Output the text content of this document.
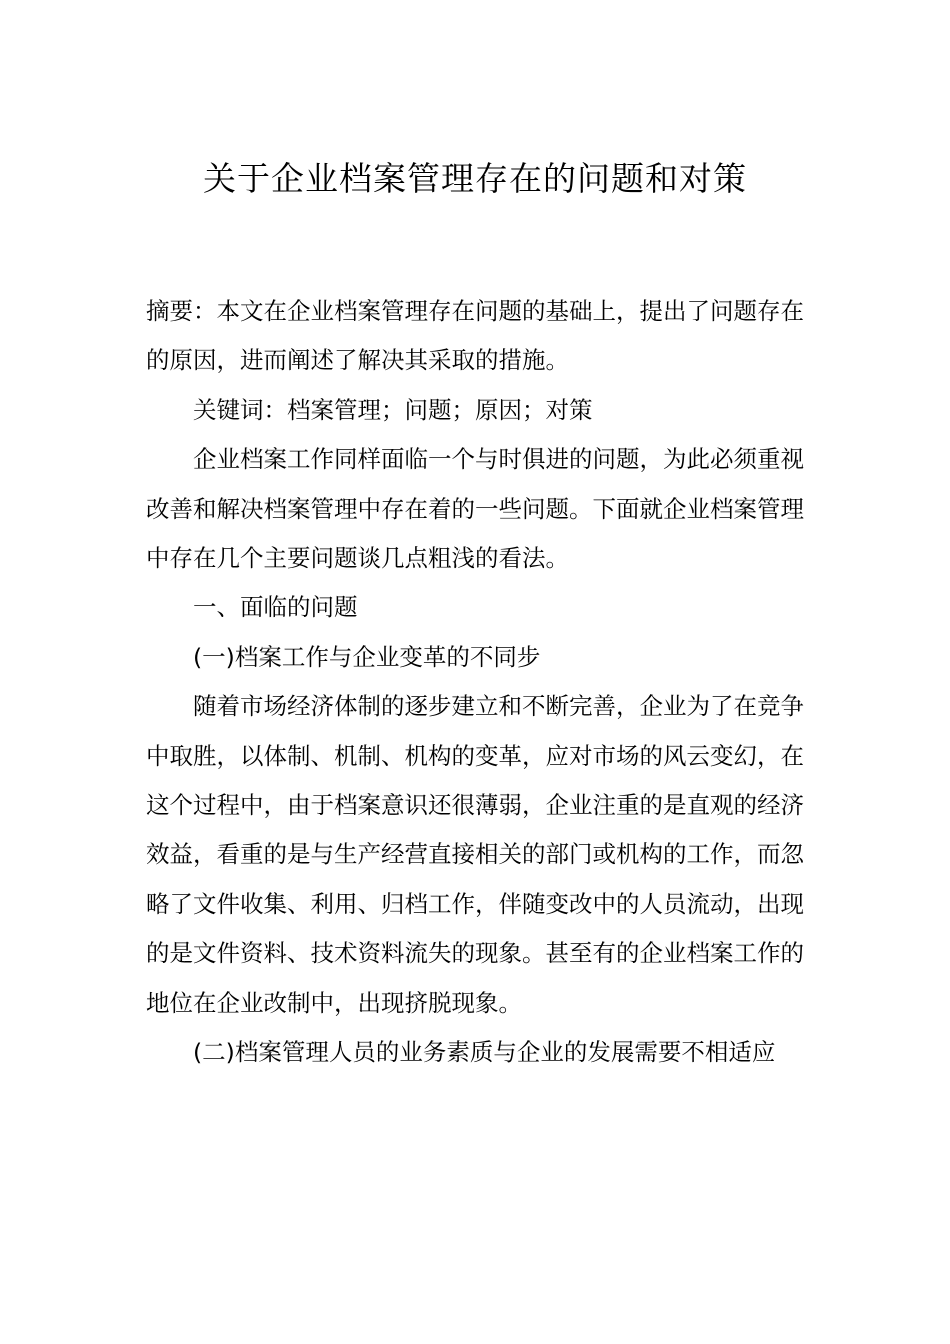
关于企业档案管理存在的问题和对策

摘要：本文在企业档案管理存在问题的基础上，提出了问题存在的原因，进而阐述了解决其采取的措施。

关键词：档案管理；问题；原因；对策

企业档案工作同样面临一个与时俱进的问题，为此必须重视改善和解决档案管理中存在着的一些问题。下面就企业档案管理中存在几个主要问题谈几点粗浅的看法。

一、面临的问题

(一)档案工作与企业变革的不同步

随着市场经济体制的逐步建立和不断完善，企业为了在竞争中取胜，以体制、机制、机构的变革，应对市场的风云变幻，在这个过程中，由于档案意识还很薄弱，企业注重的是直观的经济效益，看重的是与生产经营直接相关的部门或机构的工作，而忽略了文件收集、利用、归档工作，伴随变改中的人员流动，出现的是文件资料、技术资料流失的现象。甚至有的企业档案工作的地位在企业改制中，出现挤脱现象。

(二)档案管理人员的业务素质与企业的发展需要不相适应
